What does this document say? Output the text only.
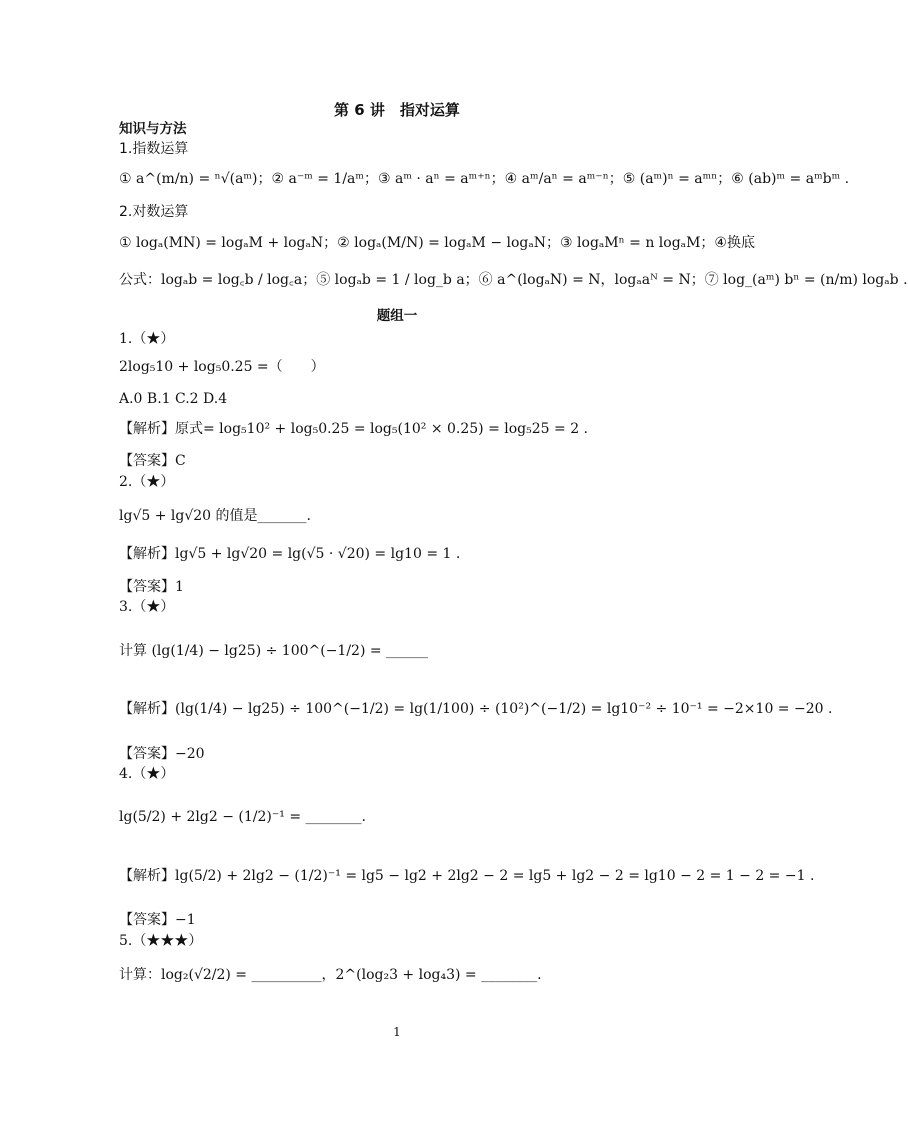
第 6 讲　指对运算
知识与方法
1.指数运算
① a^(m/n) = ⁿ√(aᵐ)；② a⁻ᵐ = 1/aᵐ；③ aᵐ · aⁿ = aᵐ⁺ⁿ；④ aᵐ/aⁿ = aᵐ⁻ⁿ；⑤ (aᵐ)ⁿ = aᵐⁿ；⑥ (ab)ᵐ = aᵐbᵐ .
2.对数运算
① logₐ(MN) = logₐM + logₐN；② logₐ(M/N) = logₐM − logₐN；③ logₐMⁿ = n logₐM；④换底
公式：logₐb = log꜀b / log꜀a；⑤ logₐb = 1 / log_b a；⑥ a^(logₐN) = N，logₐaᴺ = N；⑦ log_(aᵐ) bⁿ = (n/m) logₐb .
题组一
1.（★）
2log₅10 + log₅0.25 =（　　）
A.0 B.1 C.2 D.4
【解析】原式= log₅10² + log₅0.25 = log₅(10² × 0.25) = log₅25 = 2 .
【答案】C
2.（★）
lg√5 + lg√20 的值是_______.
【解析】lg√5 + lg√20 = lg(√5 · √20) = lg10 = 1 .
【答案】1
3.（★）
计算 (lg(1/4) − lg25) ÷ 100^(−1/2) = ______
【解析】(lg(1/4) − lg25) ÷ 100^(−1/2) = lg(1/100) ÷ (10²)^(−1/2) = lg10⁻² ÷ 10⁻¹ = −2×10 = −20 .
【答案】−20
4.（★）
lg(5/2) + 2lg2 − (1/2)⁻¹ = ________.
【解析】lg(5/2) + 2lg2 − (1/2)⁻¹ = lg5 − lg2 + 2lg2 − 2 = lg5 + lg2 − 2 = lg10 − 2 = 1 − 2 = −1 .
【答案】−1
5.（★★★）
计算：log₂(√2/2) = __________，2^(log₂3 + log₄3) = ________.
1
